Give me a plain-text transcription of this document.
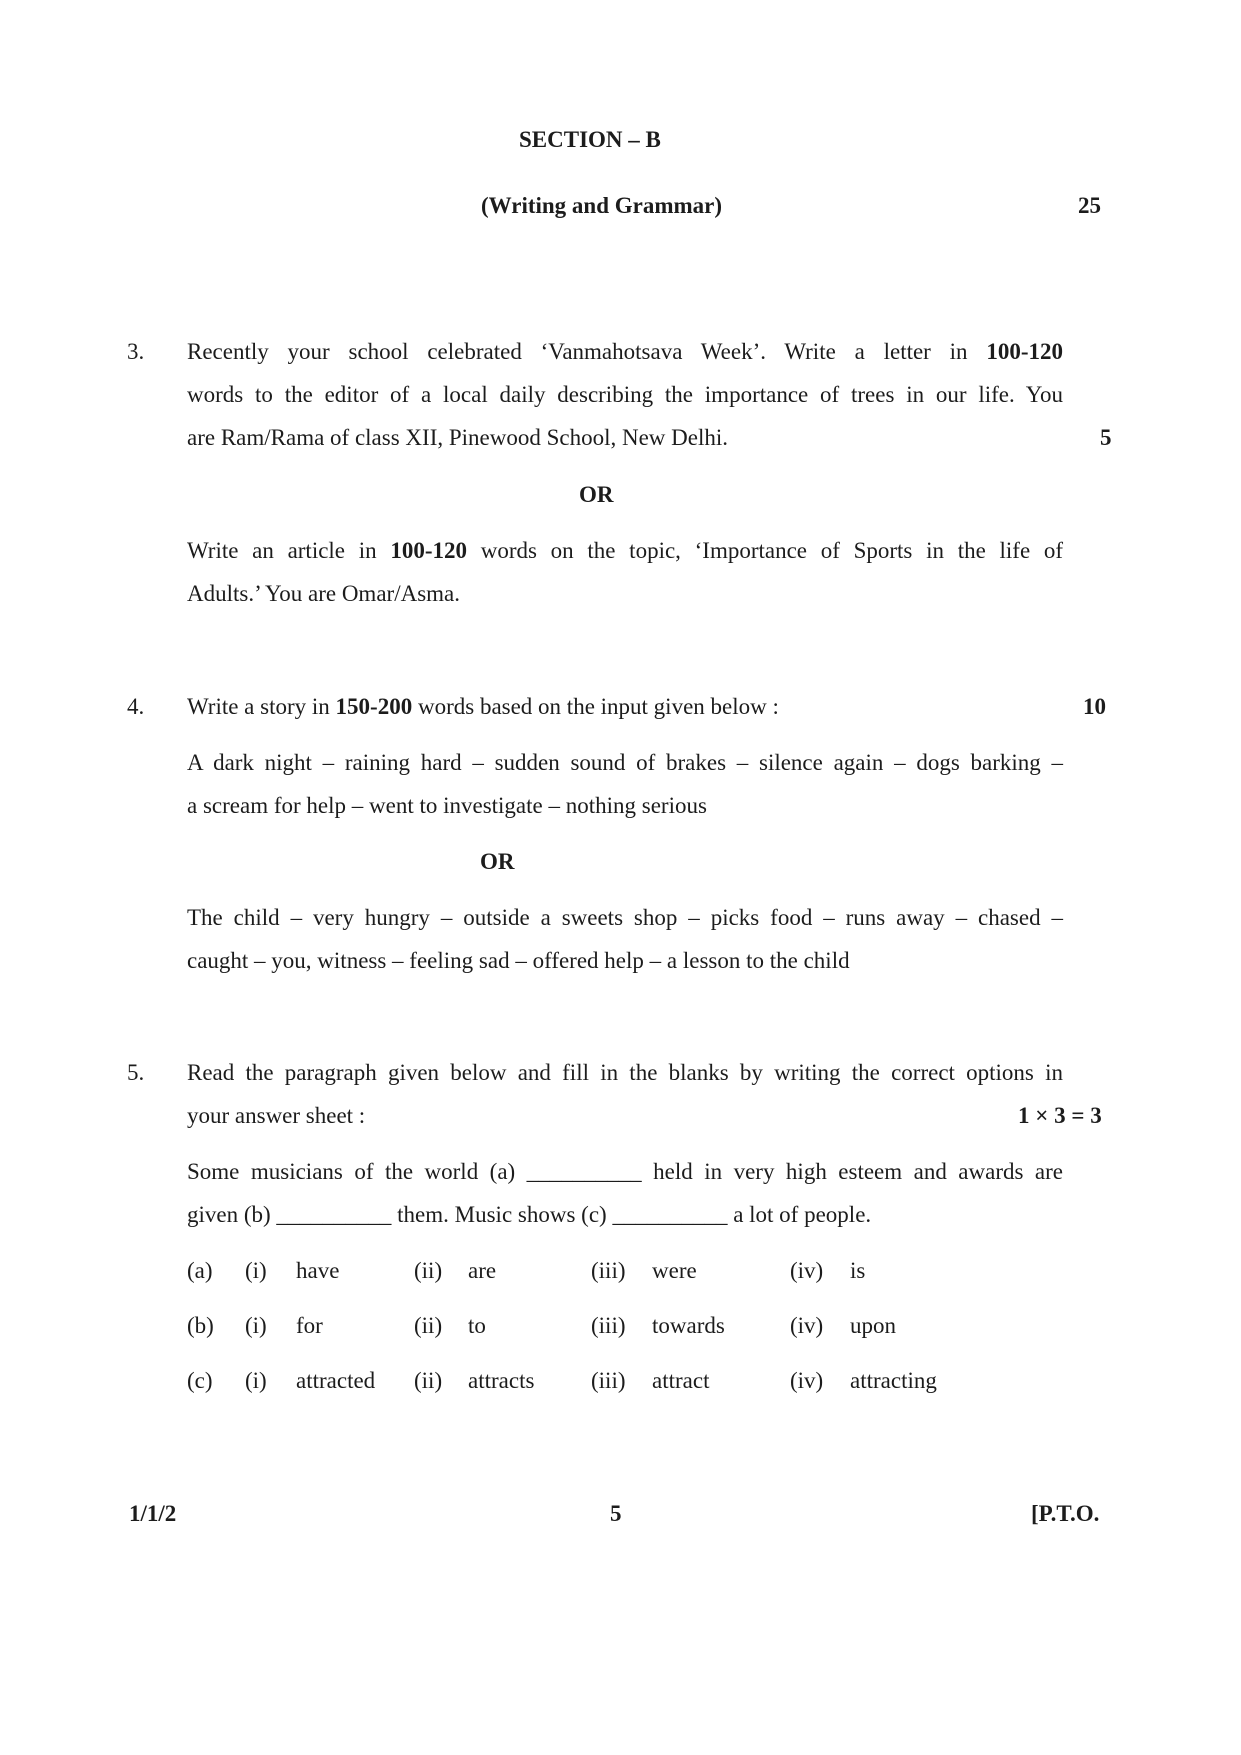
SECTION – B
(Writing and Grammar)	25
3. Recently your school celebrated ‘Vanmahotsava Week’. Write a letter in 100-120
words to the editor of a local daily describing the importance of trees in our life. You
are Ram/Rama of class XII, Pinewood School, New Delhi.	5
OR
Write an article in 100-120 words on the topic, ‘Importance of Sports in the life of
Adults.’ You are Omar/Asma.
4. Write a story in 150-200 words based on the input given below :	10
A dark night – raining hard – sudden sound of brakes – silence again – dogs barking –
a scream for help – went to investigate – nothing serious
OR
The child – very hungry – outside a sweets shop – picks food – runs away – chased –
caught – you, witness – feeling sad – offered help – a lesson to the child
5. Read the paragraph given below and fill in the blanks by writing the correct options in
your answer sheet :	1 × 3 = 3
Some musicians of the world (a) __________ held in very high esteem and awards are
given (b) __________ them. Music shows (c) __________ a lot of people.
(a) (i) have	(ii) are	(iii) were	(iv) is
(b) (i) for	(ii) to	(iii) towards	(iv) upon
(c) (i) attracted (ii) attracts (iii) attract	(iv) attracting
1/1/2	5	[P.T.O.
